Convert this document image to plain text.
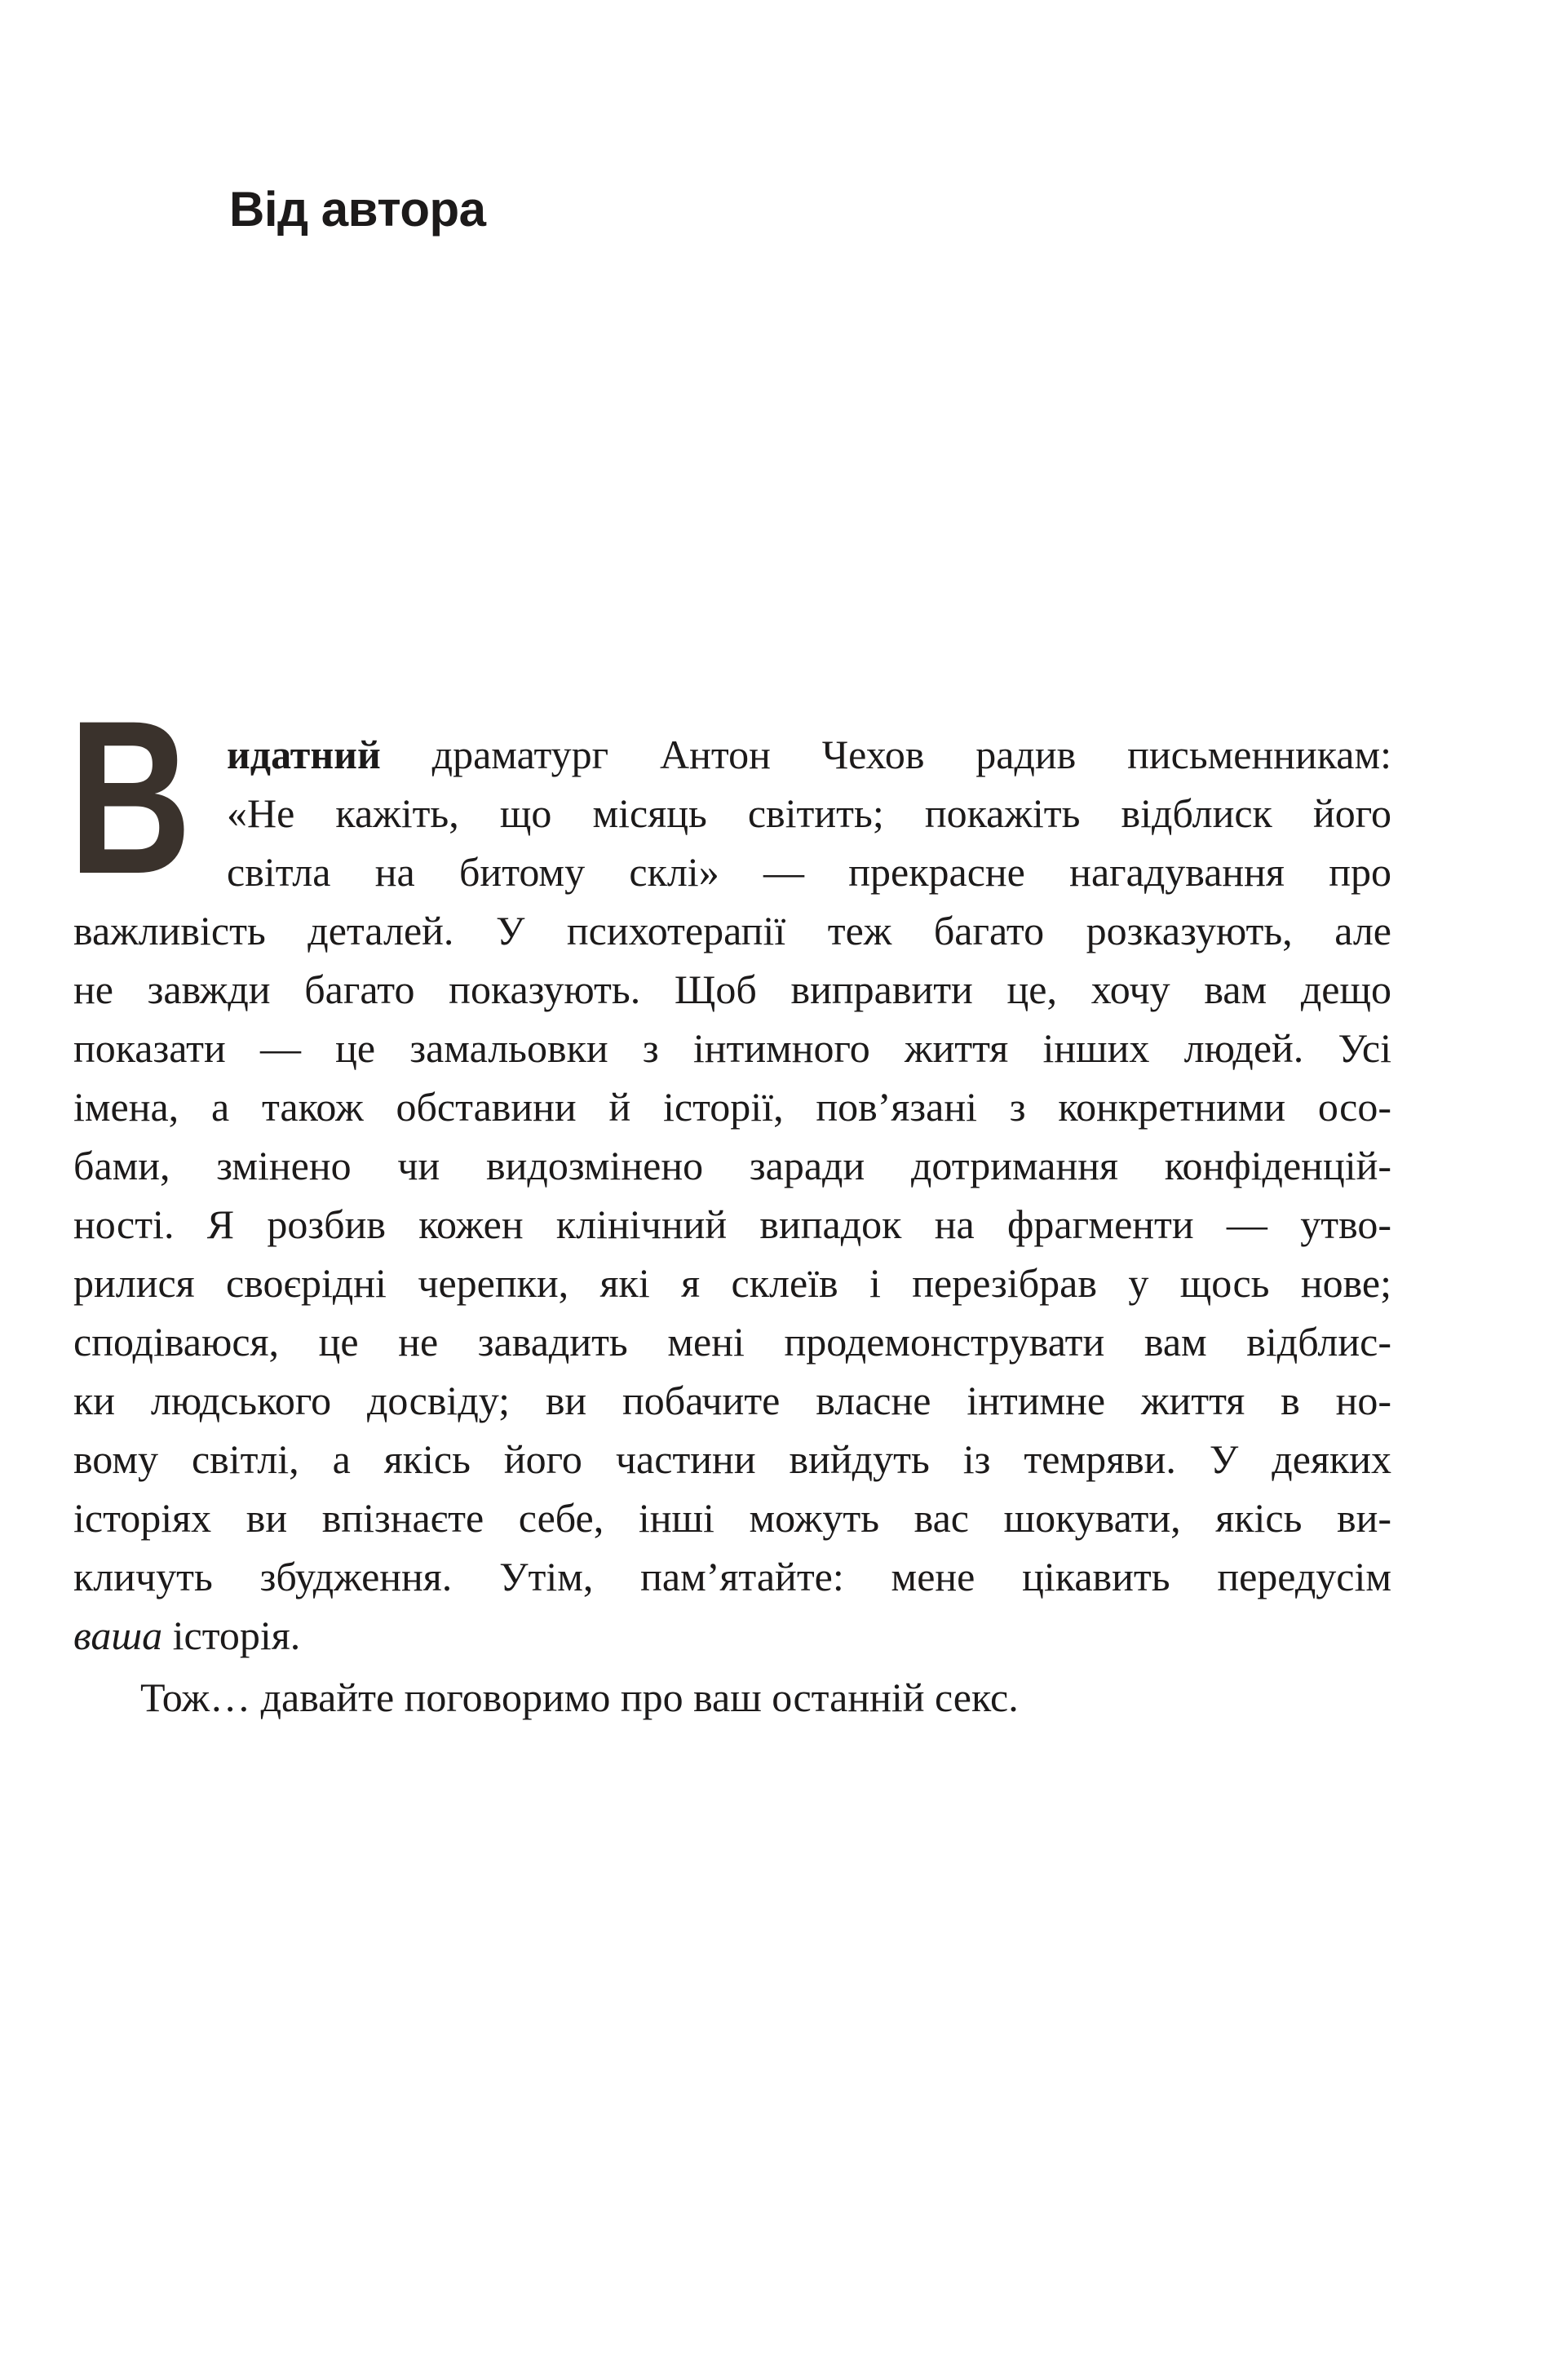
Від автора
В идатний драматург Антон Чехов радив письменникам:
«Не кажіть, що місяць світить; покажіть відблиск його
світла на битому склі» — прекрасне нагадування про
важливість деталей. У психотерапії теж багато розказують, але
не завжди багато показують. Щоб виправити це, хочу вам дещо
показати — це замальовки з інтимного життя інших людей. Усі
імена, а також обставини й історії, пов’язані з конкретними осо-
бами, змінено чи видозмінено заради дотримання конфіденцій-
ності. Я розбив кожен клінічний випадок на фрагменти — утво-
рилися своєрідні черепки, які я склеїв і перезібрав у щось нове;
сподіваюся, це не завадить мені продемонструвати вам відблис-
ки людського досвіду; ви побачите власне інтимне життя в но-
вому світлі, а якісь його частини вийдуть із темряви. У деяких
історіях ви впізнаєте себе, інші можуть вас шокувати, якісь ви-
кличуть збудження. Утім, пам’ятайте: мене цікавить передусім
ваша історія.
Тож… давайте поговоримо про ваш останній секс.
